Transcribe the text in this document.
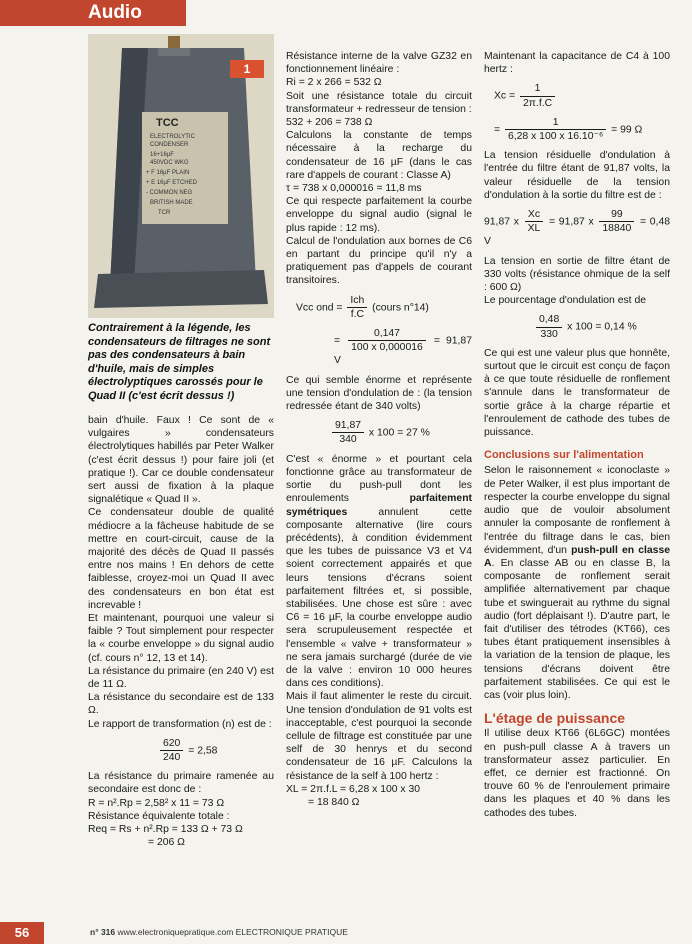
Audio
TCC
ELECTROLYTIC
CONDENSER
16+16µF
450VDC WKG
+ F 16µF PLAIN
+ E 16µF ETCHED
- COMMON NEG
BRITISH MADE
TCR
1
Contrairement à la légende, les condensateurs de filtrages ne sont pas des condensateurs à bain d'huile, mais de simples électrolyptiques carossés pour le Quad II (c'est écrit dessus !)

bain d'huile. Faux ! Ce sont de « vulgaires » condensateurs électrolytiques habillés par Peter Walker (c'est écrit dessus !) pour faire joli (et pratique !). Car ce double condensateur sert aussi de fixation à la plaque signalétique « Quad II ».

Ce condensateur double de qualité médiocre a la fâcheuse habitude de se mettre en court-circuit, cause de la majorité des décès de Quad II passés entre nos mains ! En dehors de cette faiblesse, croyez-moi un Quad II avec des condensateurs en bon état est increvable !

Et maintenant, pourquoi une valeur si faible ? Tout simplement pour respecter la « courbe enveloppe » du signal audio (cf. cours n° 12, 13 et 14).

La résistance du primaire (en 240 V) est de 11 Ω.

La résistance du secondaire est de 133 Ω.

Le rapport de transformation (n) est de :

$\frac{620}{240} = 2,58$

La résistance du primaire ramenée au secondaire est donc de :

R = n².Rp = 2,58² x 11 = 73 Ω

Résistance équivalente totale :

Req = Rs + n².Rp = 133 Ω + 73 Ω

= 206 Ω

Résistance interne de la valve GZ32 en fonctionnement linéaire :

Ri = 2 x 266 = 532 Ω

Soit une résistance totale du circuit transformateur + redresseur de tension :

532 + 206 = 738 Ω

Calculons la constante de temps nécessaire à la recharge du condensateur de 16 µF (dans le cas rare d'appels de courant : Classe A)

τ = 738 x 0,000016 = 11,8 ms

Ce qui respecte parfaitement la courbe enveloppe du signal audio (signal le plus rapide : 12 ms).

Calcul de l'ondulation aux bornes de C6 en partant du principe qu'il n'y a pratiquement pas d'appels de courant transitoires.

Vcc ond = $\frac{\text{Ich}}{f.C}$ (cours n°14)
= $\frac{0,147}{100 x 0,000016} = 91,87$ V

Ce qui semble énorme et représente une tension d'ondulation de : (la tension redressée étant de 340 volts)

$\frac{91,87}{340}$ x 100 = 27 %

C'est « énorme » et pourtant cela fonctionne grâce au transformateur de sortie du push-pull dont les enroulements parfaitement symétriques annulent cette composante alternative (lire cours précédents), à condition évidemment que les tubes de puissance V3 et V4 soient correctement appairés et que leurs tensions d'écrans soient parfaitement filtrées et, si possible, stabilisées. Une chose est sûre : avec C6 = 16 µF, la courbe enveloppe audio sera scrupuleusement respectée et l'ensemble « valve + transformateur » ne sera jamais surchargé (durée de vie de la valve : environ 10 000 heures dans ces conditions).

Mais il faut alimenter le reste du circuit. Une tension d'ondulation de 91 volts est inacceptable, c'est pourquoi la seconde cellule de filtrage est constituée par une self de 30 henrys et du second condensateur de 16 µF. Calculons la résistance de la self à 100 hertz :

XL = 2π.f.L = 6,28 x 100 x 30

= 18 840 Ω

Maintenant la capacitance de C4 à 100 hertz :

$Xc = \frac{1}{2\pi.f.C}$
= $\frac{1}{\text{6,28 x 100 x 16.10⁻⁶}} = 99$ Ω

La tension résiduelle d'ondulation à l'entrée du filtre étant de 91,87 volts, la valeur résiduelle de la tension d'ondulation à la sortie du filtre est de :

91,87 x $\frac{Xc}{XL} = 91,87$ x $\frac{99}{18840} = 0,48$ V

La tension en sortie de filtre étant de 330 volts (résistance ohmique de la self : 600 Ω)

Le pourcentage d'ondulation est de

$\frac{0,48}{330}$ x 100 = 0,14 %

Ce qui est une valeur plus que honnête, surtout que le circuit est conçu de façon à ce que toute résiduelle de ronflement s'annule dans le transformateur de sortie grâce à la charge répartie et l'enroulement de cathode des tubes de puissance.

Conclusions sur l'alimentation

Selon le raisonnement « iconoclaste » de Peter Walker, il est plus important de respecter la courbe enveloppe du signal audio que de vouloir absolument annuler la composante de ronflement à l'entrée du filtrage dans le cas, bien évidemment, d'un push-pull en classe A. En classe AB ou en classe B, la composante de ronflement serait amplifiée alternativement par chaque tube et swinguerait au rythme du signal audio (fort déplaisant !). D'autre part, le fait d'utiliser des tétrodes (KT66), ces tubes étant pratiquement insensibles à la variation de la tension de plaque, les tensions d'écrans doivent être parfaitement stabilisées. Ce qui est le cas (voir plus loin).

L'étage de puissance

Il utilise deux KT66 (6L6GC) montées en push-pull classe A à travers un transformateur assez particulier. En effet, ce dernier est fractionné. On trouve 60 % de l'enroulement primaire dans les plaques et 40 % dans les cathodes des tubes.

56	n° 316 www.electroniquepratique.com ELECTRONIQUE PRATIQUE
